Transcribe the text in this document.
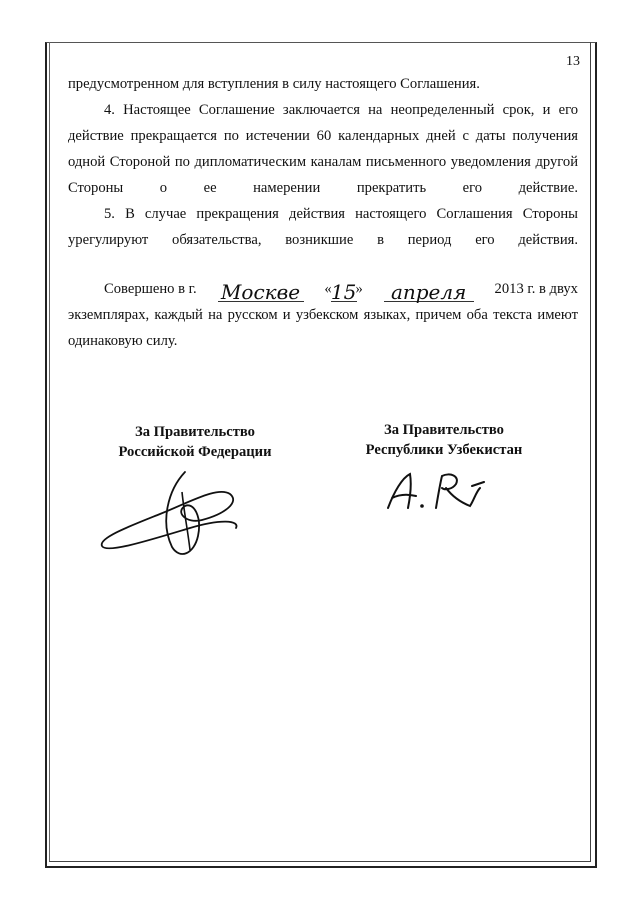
13
предусмотренном для вступления в силу настоящего Соглашения.
4. Настоящее Соглашение заключается на неопределенный срок, и его действие прекращается по истечении 60 календарных дней с даты получения одной Стороной по дипломатическим каналам письменного уведомления другой Стороны о ее намерении прекратить его действие.
5. В случае прекращения действия настоящего Соглашения Стороны урегулируют обязательства, возникшие в период его действия.
Совершено в г. Москве « 15 »	апреля	2013 г. в двух
экземплярах, каждый на русском и узбекском языках, причем оба текста имеют одинаковую силу.
За Правительство
Российской Федерации
За Правительство
Республики Узбекистан
